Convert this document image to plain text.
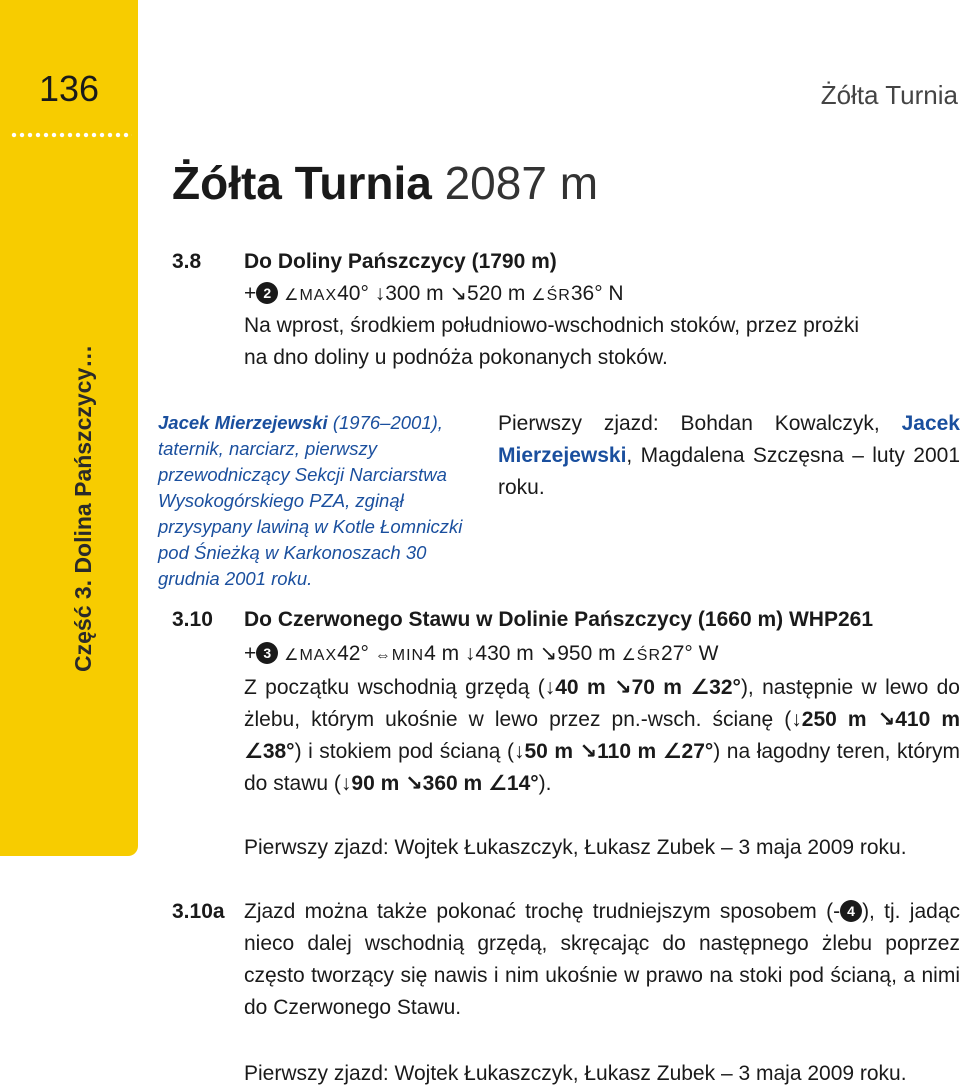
136
Część 3. Dolina Pańszczycy…
Żółta Turnia
Żółta Turnia 2087 m
3.8 Do Doliny Pańszczycy (1790 m)
+ 2 ∠MAX40° ↓300 m ↘520 m ∠ŚR36° N
Na wprost, środkiem południowo-wschodnich stoków, przez prożki
na dno doliny u podnóża pokonanych stoków.
Jacek Mierzejewski (1976–2001), taternik, narciarz, pierwszy przewodniczący Sekcji Narciarstwa Wysokogórskiego PZA, zginął przysypany lawiną w Kotle Łomniczki pod Śnieżką w Karkonoszach 30 grudnia 2001 roku.
Pierwszy zjazd: Bohdan Kowalczyk, Jacek Mierzejewski, Magdalena Szczęsna – luty 2001 roku.
3.10 Do Czerwonego Stawu w Dolinie Pańszczycy (1660 m) WHP261
+ 3 ∠MAX42° ⇔MIN4 m ↓430 m ↘950 m ∠ŚR27° W
Z początku wschodnią grzędą (↓40 m ↘70 m ∠32°), następnie w lewo do żlebu, którym ukośnie w lewo przez pn.-wsch. ścianę (↓250 m ↘410 m ∠38°) i stokiem pod ścianą (↓50 m ↘110 m ∠27°) na łagodny teren, którym do stawu (↓90 m ↘360 m ∠14°).
Pierwszy zjazd: Wojtek Łukaszczyk, Łukasz Zubek – 3 maja 2009 roku.
3.10a Zjazd można także pokonać trochę trudniejszym sposobem (- 4 ), tj. jadąc nieco dalej wschodnią grzędą, skręcając do następnego żlebu poprzez często tworzący się nawis i nim ukośnie w prawo na stoki pod ścianą, a nimi do Czerwonego Stawu.
Pierwszy zjazd: Wojtek Łukaszczyk, Łukasz Zubek – 3 maja 2009 roku.
